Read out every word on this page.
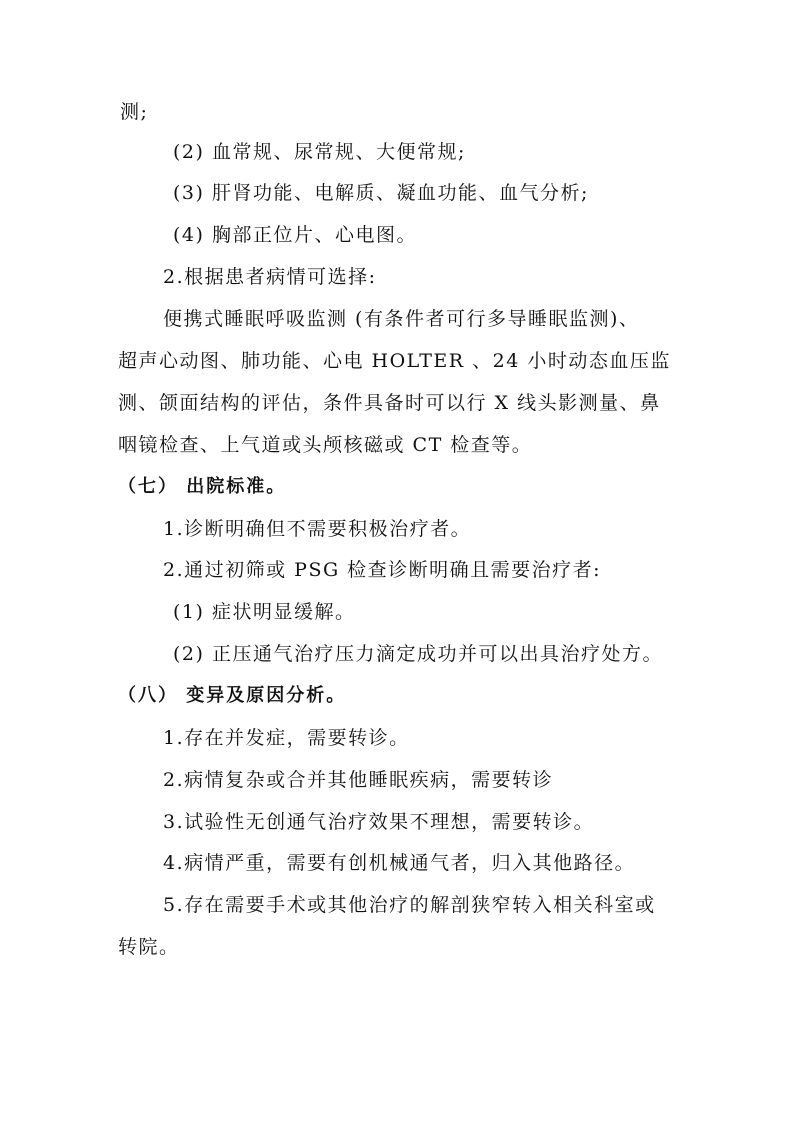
测;

(2) 血常规、尿常规、大便常规;

(3) 肝肾功能、电解质、凝血功能、血气分析;

(4) 胸部正位片、心电图。

2.根据患者病情可选择:

便携式睡眠呼吸监测 (有条件者可行多导睡眠监测)、

超声心动图、肺功能、心电 HOLTER 、24 小时动态血压监

测、颌面结构的评估，条件具备时可以行 X 线头影测量、鼻

咽镜检查、上气道或头颅核磁或 CT 检查等。

（七） 出院标准。

1.诊断明确但不需要积极治疗者。

2.通过初筛或 PSG 检查诊断明确且需要治疗者:

(1) 症状明显缓解。

(2) 正压通气治疗压力滴定成功并可以出具治疗处方。

（八） 变异及原因分析。

1.存在并发症，需要转诊。

2.病情复杂或合并其他睡眠疾病，需要转诊

3.试验性无创通气治疗效果不理想，需要转诊。

4.病情严重，需要有创机械通气者，归入其他路径。

5.存在需要手术或其他治疗的解剖狭窄转入相关科室或

转院。
